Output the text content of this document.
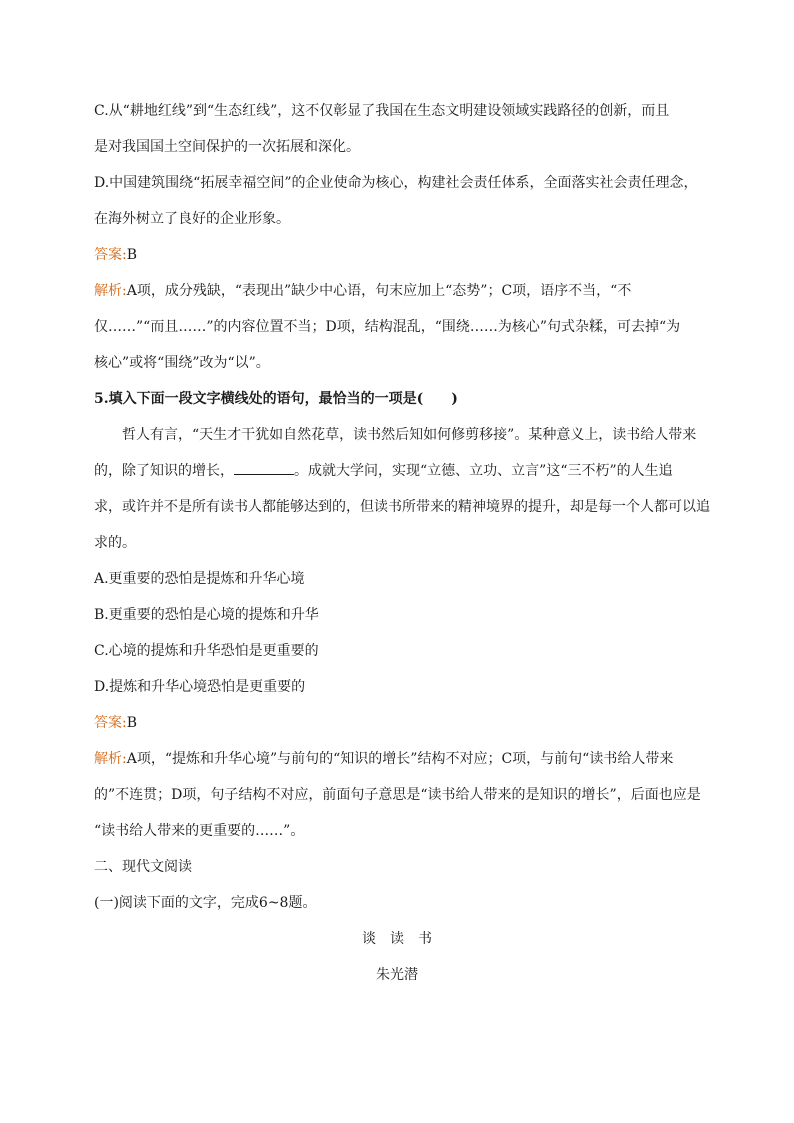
C.从“耕地红线”到“生态红线”，这不仅彰显了我国在生态文明建设领域实践路径的创新，而且

是对我国国土空间保护的一次拓展和深化。

D.中国建筑围绕“拓展幸福空间”的企业使命为核心，构建社会责任体系，全面落实社会责任理念，

在海外树立了良好的企业形象。

答案:B

解析:A项，成分残缺，“表现出”缺少中心语，句末应加上“态势”；C项，语序不当，“不

仅……”“而且……”的内容位置不当；D项，结构混乱，“围绕……为核心”句式杂糅，可去掉“为

核心”或将“围绕”改为“以”。

5.填入下面一段文字横线处的语句，最恰当的一项是(　　)

哲人有言，“天生才干犹如自然花草，读书然后知如何修剪移接”。某种意义上，读书给人带来

的，除了知识的增长，	。成就大学问，实现“立德、立功、立言”这“三不朽”的人生追

求，或许并不是所有读书人都能够达到的，但读书所带来的精神境界的提升，却是每一个人都可以追

求的。

A.更重要的恐怕是提炼和升华心境

B.更重要的恐怕是心境的提炼和升华

C.心境的提炼和升华恐怕是更重要的

D.提炼和升华心境恐怕是更重要的

答案:B

解析:A项，“提炼和升华心境”与前句的“知识的增长”结构不对应；C项，与前句“读书给人带来

的”不连贯；D项，句子结构不对应，前面句子意思是“读书给人带来的是知识的增长”，后面也应是

“读书给人带来的更重要的……”。

二、现代文阅读

(一)阅读下面的文字，完成6~8题。

谈　读　书

朱光潜
